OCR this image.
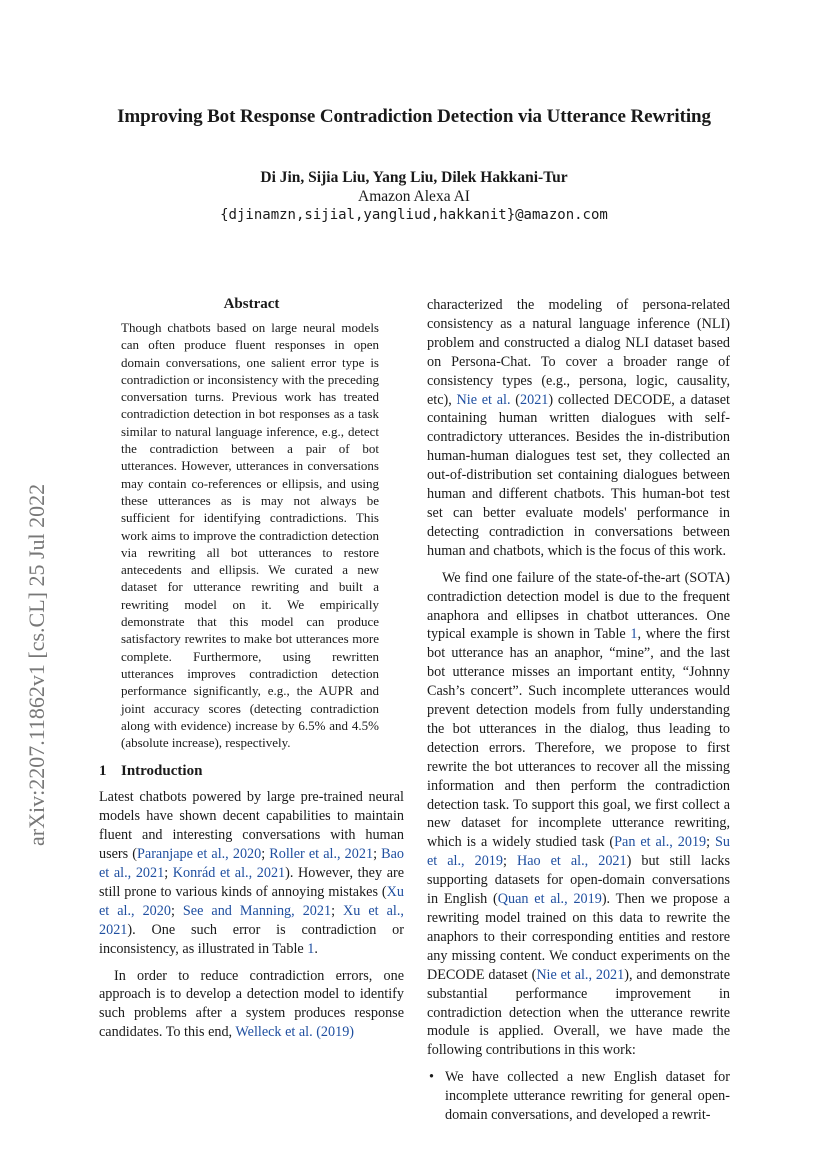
Improving Bot Response Contradiction Detection via Utterance Rewriting
Di Jin, Sijia Liu, Yang Liu, Dilek Hakkani-Tur
Amazon Alexa AI
{djinamzn,sijial,yangliud,hakkanit}@amazon.com
arXiv:2207.11862v1 [cs.CL] 25 Jul 2022
Abstract
Though chatbots based on large neural models can often produce fluent responses in open domain conversations, one salient error type is contradiction or inconsistency with the preceding conversation turns. Previous work has treated contradiction detection in bot responses as a task similar to natural language inference, e.g., detect the contradiction between a pair of bot utterances. However, utterances in conversations may contain co-references or ellipsis, and using these utterances as is may not always be sufficient for identifying contradictions. This work aims to improve the contradiction detection via rewriting all bot utterances to restore antecedents and ellipsis. We curated a new dataset for utterance rewriting and built a rewriting model on it. We empirically demonstrate that this model can produce satisfactory rewrites to make bot utterances more complete. Furthermore, using rewritten utterances improves contradiction detection performance significantly, e.g., the AUPR and joint accuracy scores (detecting contradiction along with evidence) increase by 6.5% and 4.5% (absolute increase), respectively.
1 Introduction

Latest chatbots powered by large pre-trained neural models have shown decent capabilities to maintain fluent and interesting conversations with human users (Paranjape et al., 2020; Roller et al., 2021; Bao et al., 2021; Konrád et al., 2021). However, they are still prone to various kinds of annoying mistakes (Xu et al., 2020; See and Manning, 2021; Xu et al., 2021). One such error is contradiction or inconsistency, as illustrated in Table 1.

In order to reduce contradiction errors, one approach is to develop a detection model to identify such problems after a system produces response candidates. To this end, Welleck et al. (2019)

characterized the modeling of persona-related consistency as a natural language inference (NLI) problem and constructed a dialog NLI dataset based on Persona-Chat. To cover a broader range of consistency types (e.g., persona, logic, causality, etc), Nie et al. (2021) collected DECODE, a dataset containing human written dialogues with self-contradictory utterances. Besides the in-distribution human-human dialogues test set, they collected an out-of-distribution set containing dialogues between human and different chatbots. This human-bot test set can better evaluate models' performance in detecting contradiction in conversations between human and chatbots, which is the focus of this work.

We find one failure of the state-of-the-art (SOTA) contradiction detection model is due to the frequent anaphora and ellipses in chatbot utterances. One typical example is shown in Table 1, where the first bot utterance has an anaphor, “mine”, and the last bot utterance misses an important entity, “Johnny Cash’s concert”. Such incomplete utterances would prevent detection models from fully understanding the bot utterances in the dialog, thus leading to detection errors. Therefore, we propose to first rewrite the bot utterances to recover all the missing information and then perform the contradiction detection task. To support this goal, we first collect a new dataset for incomplete utterance rewriting, which is a widely studied task (Pan et al., 2019; Su et al., 2019; Hao et al., 2021) but still lacks supporting datasets for open-domain conversations in English (Quan et al., 2019). Then we propose a rewriting model trained on this data to rewrite the anaphors to their corresponding entities and restore any missing content. We conduct experiments on the DECODE dataset (Nie et al., 2021), and demonstrate substantial performance improvement in contradiction detection when the utterance rewrite module is applied. Overall, we have made the following contributions in this work:

• We have collected a new English dataset for incomplete utterance rewriting for general open-domain conversations, and developed a rewrit-
